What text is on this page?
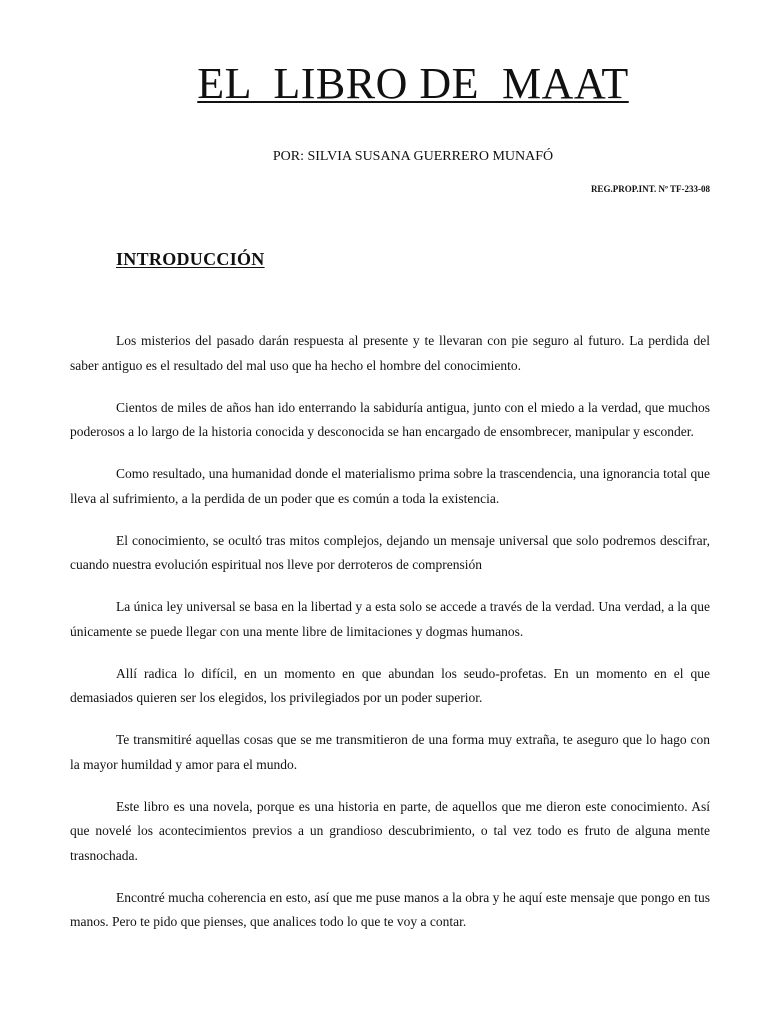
EL  LIBRO DE  MAAT
POR: SILVIA SUSANA GUERRERO MUNAFÓ
REG.PROP.INT. Nº TF-233-08
INTRODUCCIÓN

Los misterios del pasado darán respuesta al presente y te llevaran con pie seguro al futuro. La perdida del saber antiguo es el resultado del mal uso que ha hecho el hombre del conocimiento.

Cientos de miles de años han ido enterrando la sabiduría antigua, junto con el miedo a la verdad, que muchos poderosos a lo largo de la historia conocida y desconocida se han encargado de ensombrecer, manipular y esconder.

Como resultado, una humanidad donde el materialismo prima sobre la trascendencia, una ignorancia total que lleva al sufrimiento, a la perdida de un poder que es común a toda la existencia.

El conocimiento, se ocultó tras mitos complejos, dejando un mensaje universal que solo podremos descifrar, cuando nuestra evolución espiritual nos lleve por derroteros de comprensión

La única ley universal se basa en la libertad y a esta solo se accede a través de la verdad. Una verdad, a la que únicamente se puede llegar con una mente libre de limitaciones y dogmas humanos.

Allí radica lo difícil, en un momento en que abundan los seudo-profetas. En un momento en el que demasiados quieren ser los elegidos, los privilegiados por un poder superior.

Te transmitiré aquellas cosas que se me transmitieron de una forma muy extraña, te aseguro que lo hago con la mayor humildad y amor para el mundo.

Este libro es una novela, porque es una historia en parte, de aquellos que me dieron este conocimiento. Así que novelé los acontecimientos previos a un grandioso descubrimiento, o tal vez todo es fruto de alguna mente trasnochada.

Encontré mucha coherencia en esto, así que me puse manos a la obra y he aquí este mensaje que pongo en tus manos. Pero te pido que pienses, que analices todo lo que te voy a contar.
